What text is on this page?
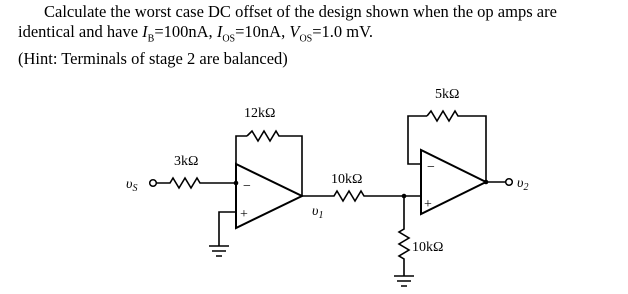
Calculate the worst case DC offset of the design shown when the op amps are
identical and have $I_B=100nA$, $I_{OS}=10nA$, $V_{OS}=1.0$ mV.
(Hint: Terminals of stage 2 are balanced)
$\upsilon_S$
3kΩ
12kΩ
−
+	$\upsilon_1$
10kΩ
10kΩ
−
+
5kΩ
$\upsilon_2$
